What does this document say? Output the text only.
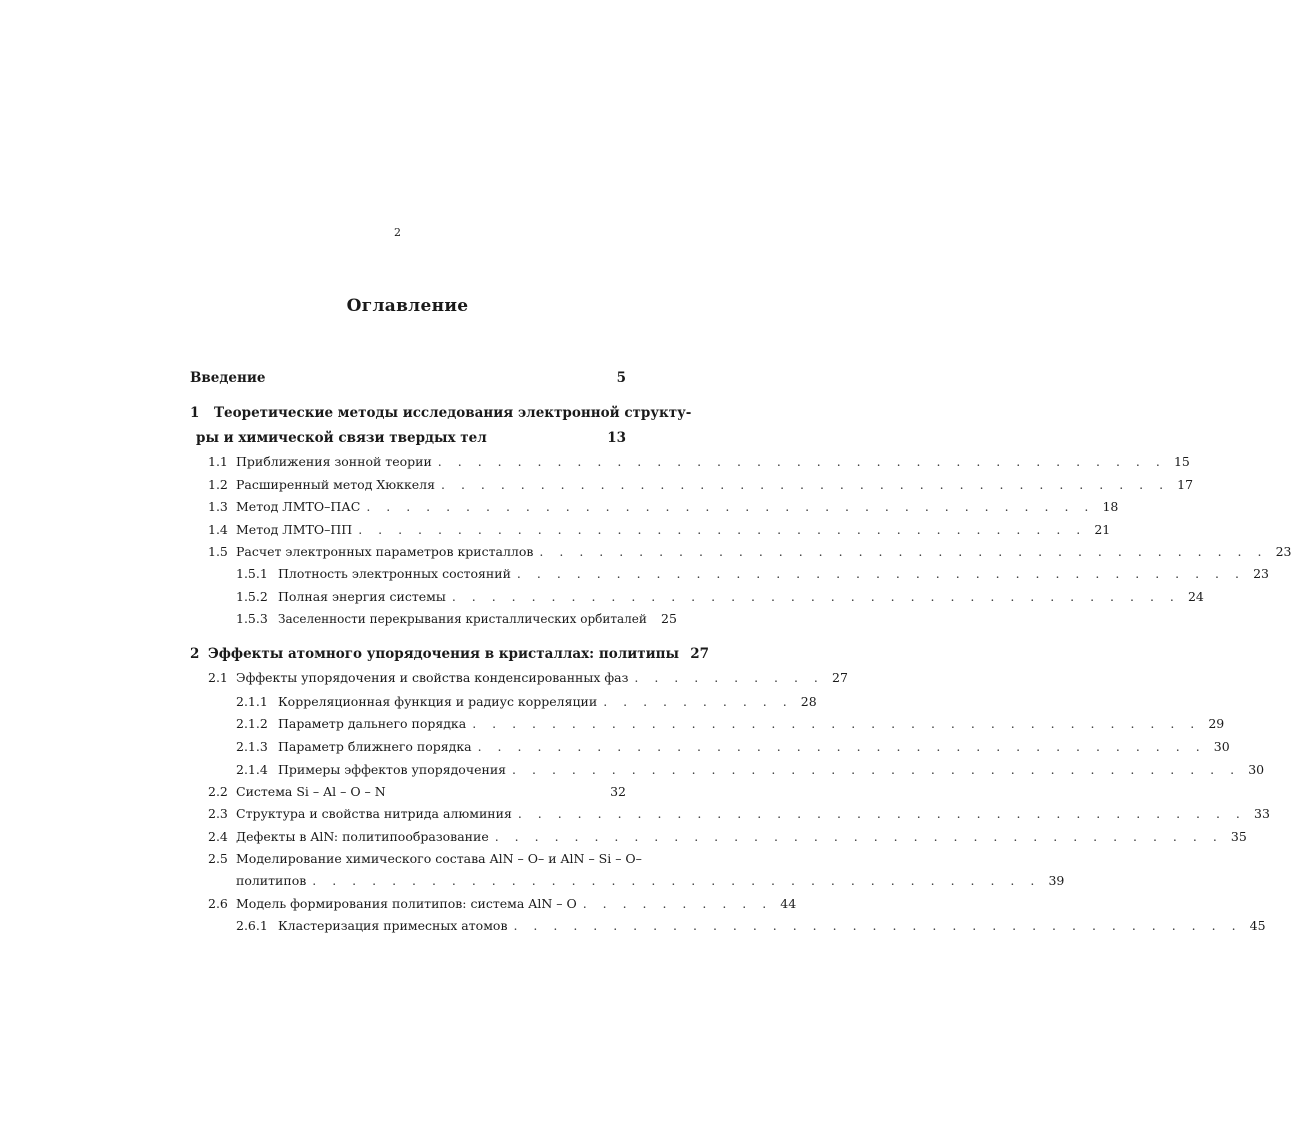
2
Оглавление
Введение	5
1	Теоретические методы исследования электронной структу-
ры и химической связи твердых тел	13
1.1 Приближения зонной теории . . . . . . . . . . . . . . . . . . . . . . . . . . . . . . . . . . . . . 15
1.2 Расширенный метод Хюккеля . . . . . . . . . . . . . . . . . . . . . . . . . . . . . . . . . . . . . 17
1.3 Метод ЛМТО–ПАС . . . . . . . . . . . . . . . . . . . . . . . . . . . . . . . . . . . . . 18
1.4 Метод ЛМТО–ПП . . . . . . . . . . . . . . . . . . . . . . . . . . . . . . . . . . . . . 21
1.5 Расчет электронных параметров кристаллов . . . . . . . . . . . . . . . . . . . . . . . . . . . . . . . . . . . . . 23
1.5.1 Плотность электронных состояний . . . . . . . . . . . . . . . . . . . . . . . . . . . . . . . . . . . . . 23
1.5.2 Полная энергия системы . . . . . . . . . . . . . . . . . . . . . . . . . . . . . . . . . . . . . 24
1.5.3 Заселенности перекрывания кристаллических орбиталей	25
2 Эффекты атомного упорядочения в кристаллах: политипы 27
2.1 Эффекты упорядочения и свойства конденсированных фаз . . . . . . . . . . 27
2.1.1 Корреляционная функция и радиус корреляции . . . . . . . . . . 28
2.1.2 Параметр дальнего порядка . . . . . . . . . . . . . . . . . . . . . . . . . . . . . . . . . . . . . 29
2.1.3 Параметр ближнего порядка . . . . . . . . . . . . . . . . . . . . . . . . . . . . . . . . . . . . . 30
2.1.4 Примеры эффектов упорядочения . . . . . . . . . . . . . . . . . . . . . . . . . . . . . . . . . . . . . 30
2.2 Система Si – Al – O – N	32
2.3 Структура и свойства нитрида алюминия . . . . . . . . . . . . . . . . . . . . . . . . . . . . . . . . . . . . . 33
2.4 Дефекты в AlN: политипообразование . . . . . . . . . . . . . . . . . . . . . . . . . . . . . . . . . . . . . 35
2.5 Моделирование химического состава AlN – O– и AlN – Si – O–
политипов . . . . . . . . . . . . . . . . . . . . . . . . . . . . . . . . . . . . . 39
2.6 Модель формирования политипов: система AlN – O . . . . . . . . . . 44
2.6.1 Кластеризация примесных атомов . . . . . . . . . . . . . . . . . . . . . . . . . . . . . . . . . . . . . 45
